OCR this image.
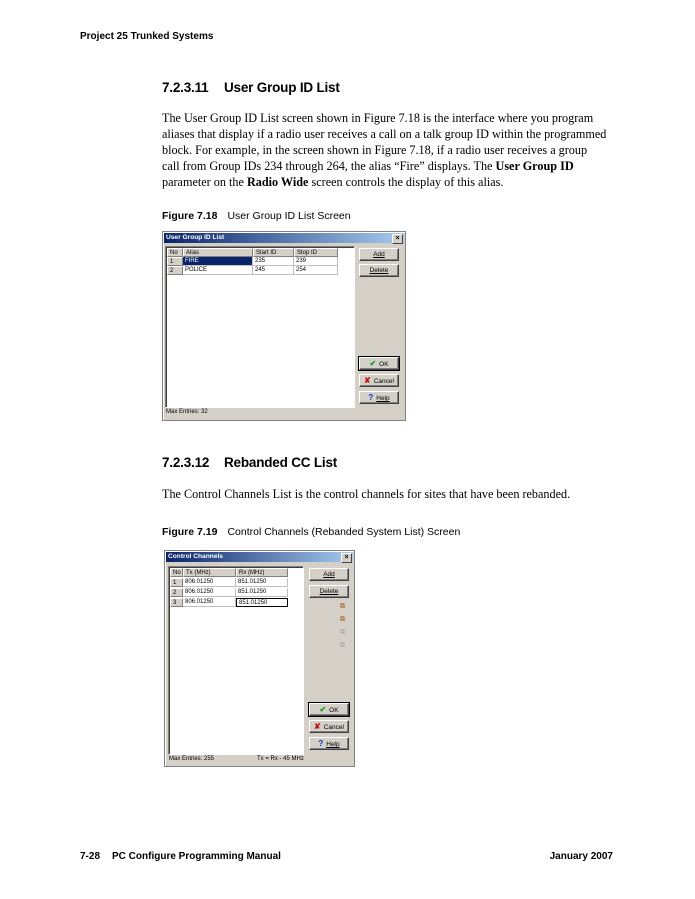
Project 25 Trunked Systems
7.2.3.11 User Group ID List
The User Group ID List screen shown in Figure 7.18 is the interface where you program
aliases that display if a radio user receives a call on a talk group ID within the programmed
block. For example, in the screen shown in Figure 7.18, if a radio user receives a group
call from Group IDs 234 through 264, the alias “Fire” displays. The User Group ID
parameter on the Radio Wide screen controls the display of this alias.
Figure 7.18 User Group ID List Screen
User Group ID List	×
No	Alias	Start ID	Stop ID
1	FIRE	235	239
2	POLICE	245	254
Add
Delete
✔ OK
✘ Cancel
? Help
Max Entries: 32
7.2.3.12 Rebanded CC List
The Control Channels List is the control channels for sites that have been rebanded.
Figure 7.19 Control Channels (Rebanded System List) Screen
Control Channels	×
No Tx (MHz)	Rx (MHz)
1	806.01250	851.01250
2	806.01250	851.01250
3	806.01250	851.01250
Add
Delete
⧉
⧉
⧉
⧉
✔ OK
✘ Cancel
? Help
Max Entries: 255	Tx = Rx - 45 MHz
7-28 PC Configure Programming Manual	January 2007
